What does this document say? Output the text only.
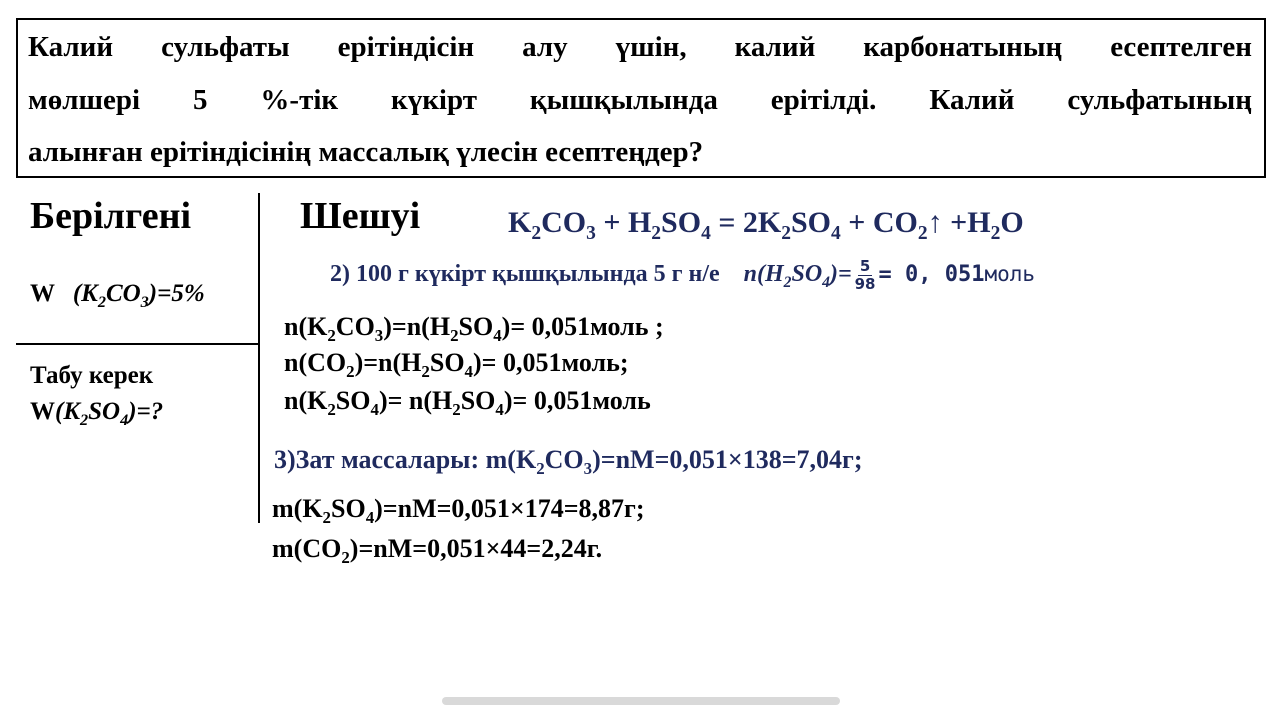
Калий сульфаты ерітіндісін алу үшін, калий карбонатының есептелген
мөлшері 5 %-тік күкірт қышқылында ерітілді. Калий сульфатының
алынған ерітіндісінің массалық үлесін есептеңдер?
Берілгені
W $(K_2CO_3)=5\%$
Табу керек
$W(K_2SO_4)=$?
Шешуі	$K_2CO_3 + H_2SO_4 = 2K_2SO_4$ + $CO_2↑ +H_2O$
2) 100 г күкірт қышқылында 5 г н/е $n(H_2SO_4)= \frac{5}{98} = 0$, 051моль
$n(K_2CO_3)=n(H_2SO_4)=$ 0,051моль ;
$n(CO_2)=n(H_2SO_4)=$ 0,051моль;
$n(K_2SO_4)= n(H_2SO_4)=$ 0,051моль
3)Зат массалары: $m(K_2CO_3)=nM=0,051\times 138=7,04г$;
$m(K_2SO_4)=nM=0,051\times 174=8,87г$;
$m(CO_2)=nM=0,051\times 44=2,24г$.
